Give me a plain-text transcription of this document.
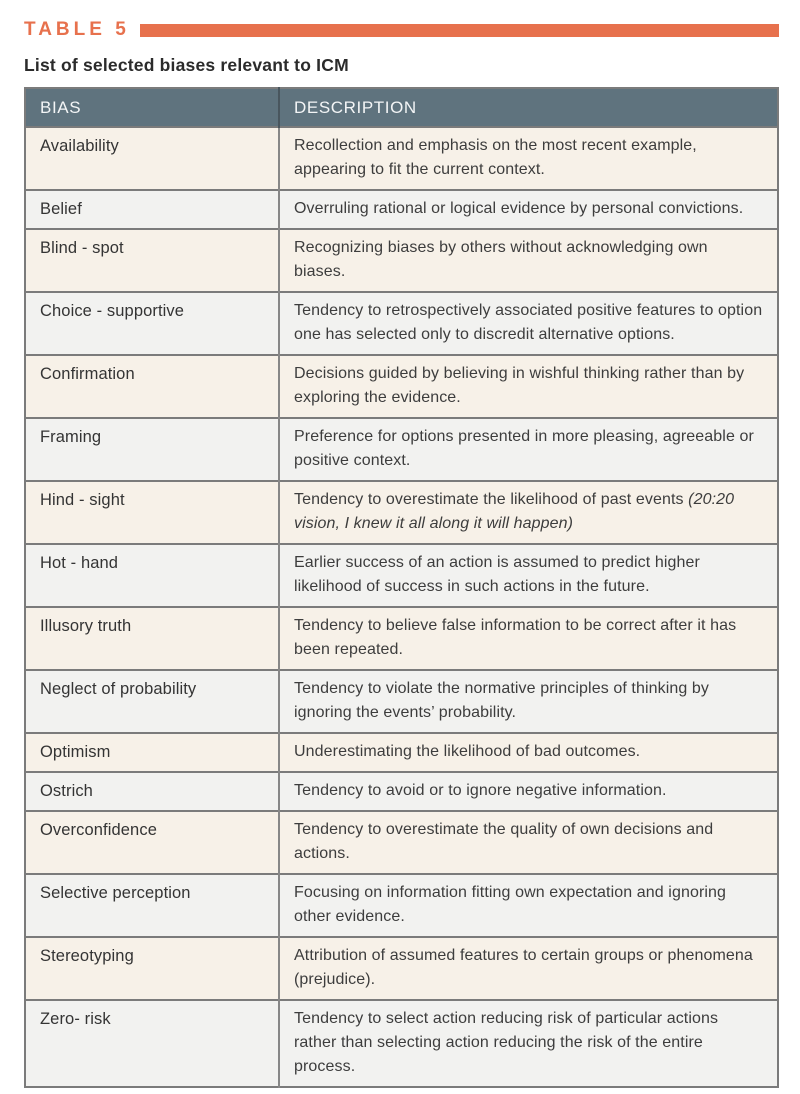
TABLE 5
List of selected biases relevant to ICM
BIAS	DESCRIPTION
Availability	Recollection and emphasis on the most recent example, appearing to fit the current context.
Belief	Overruling rational or logical evidence by personal convictions.
Blind - spot	Recognizing biases by others without acknowledging own biases.
Choice - supportive	Tendency to retrospectively associated positive features to option one has selected only to discredit alternative options.
Confirmation	Decisions guided by believing in wishful thinking rather than by exploring the evidence.
Framing	Preference for options presented in more pleasing, agreeable or positive context.
Hind - sight	Tendency to overestimate the likelihood of past events (20:20 vision, I knew it all along it will happen)
Hot - hand	Earlier success of an action is assumed to predict higher likelihood of success in such actions in the future.
Illusory truth	Tendency to believe false information to be correct after it has been repeated.
Neglect of probability	Tendency to violate the normative principles of thinking by ignoring the events’ probability.
Optimism	Underestimating the likelihood of bad outcomes.
Ostrich	Tendency to avoid or to ignore negative information.
Overconfidence	Tendency to overestimate the quality of own decisions and actions.
Selective perception	Focusing on information fitting own expectation and ignoring other evidence.
Stereotyping	Attribution of assumed features to certain groups or phenomena (prejudice).
Zero- risk	Tendency to select action reducing risk of particular actions rather than selecting action reducing the risk of the entire process.
